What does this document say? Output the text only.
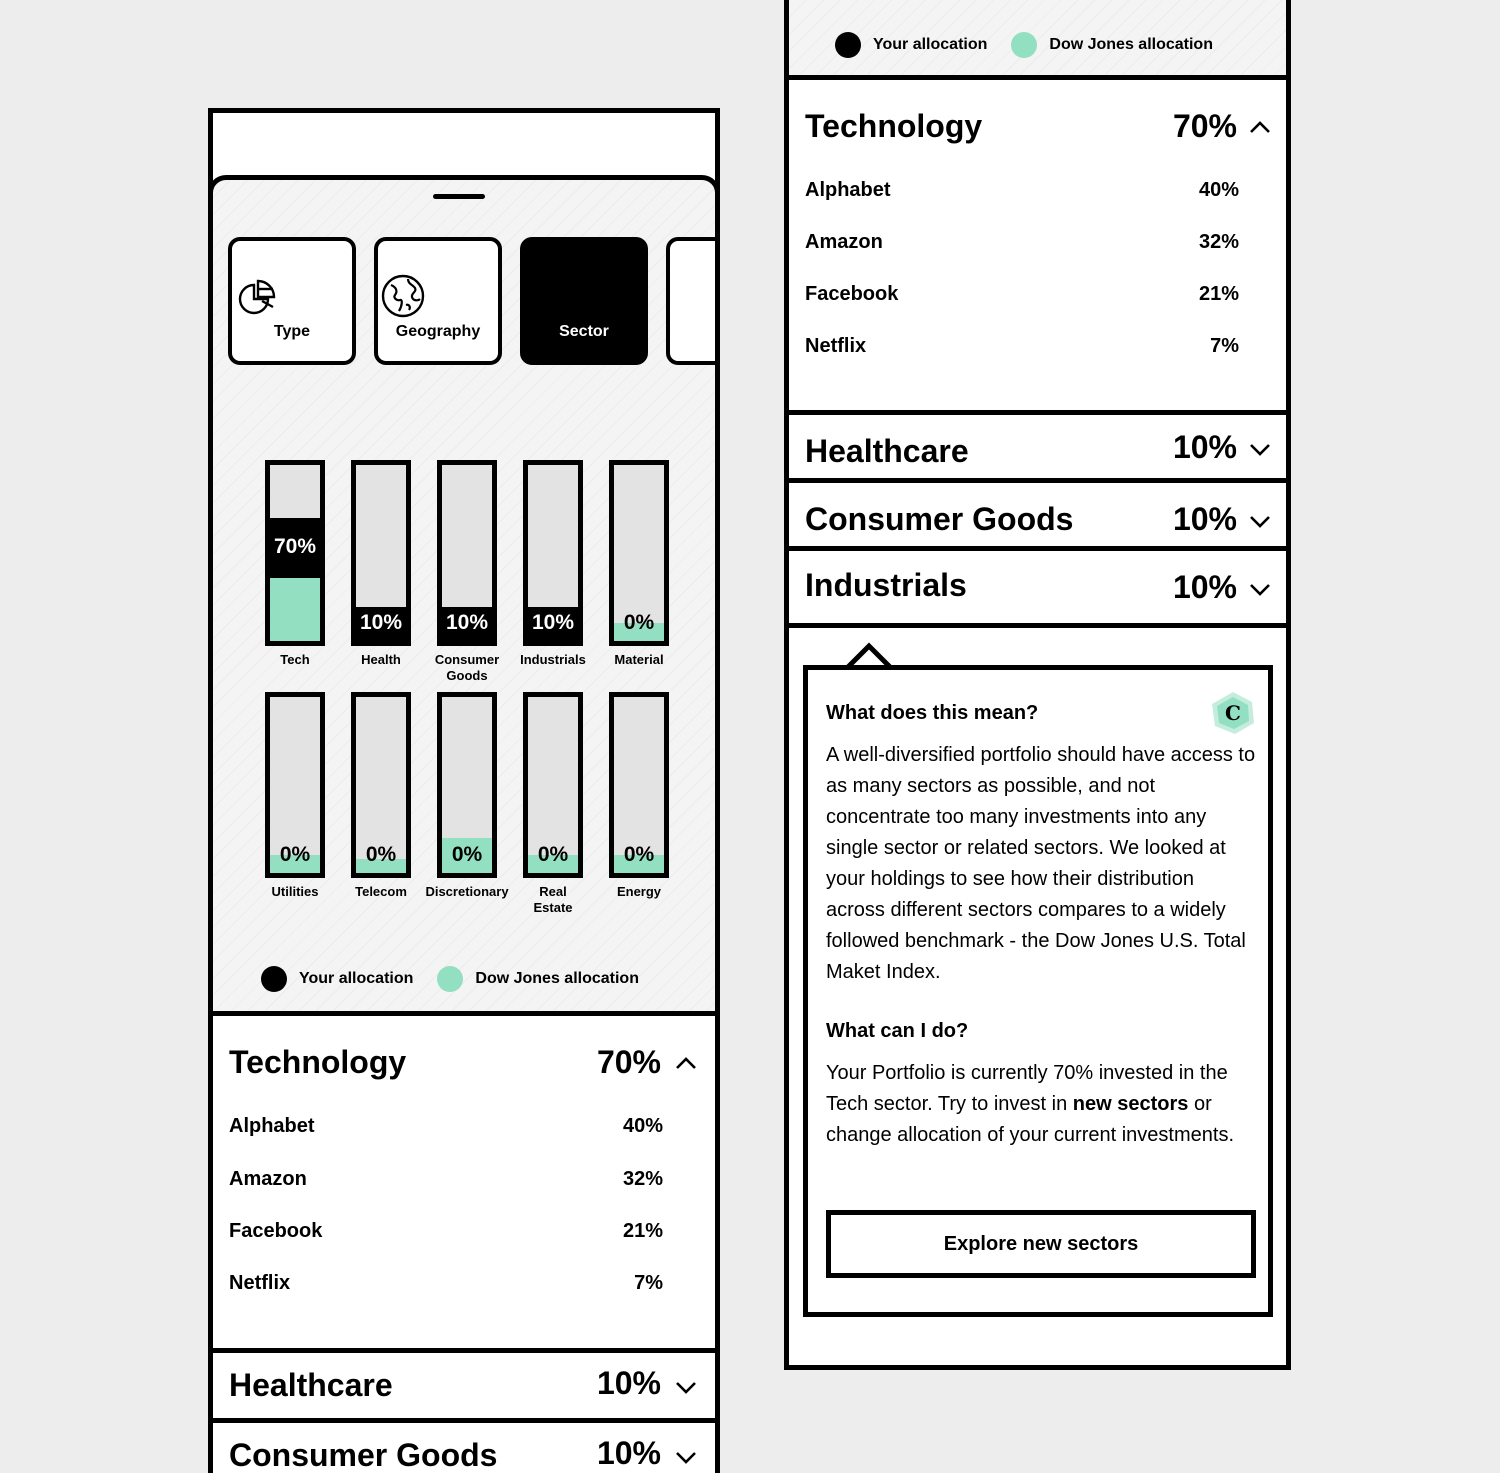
Type	Geography	Sector
70%
Tech
10%
Health
10%
Consumer Goods
10%
Industrials
0%
Material
0%
Utilities
0%
Telecom
0%
Discretionary
0%
Real Estate
0%
Energy
Your allocation	Dow Jones allocation
Technology	70%
Alphabet	40%
Amazon	32%
Facebook	21%
Netflix	7%
Healthcare	10%
Consumer Goods	10%
Your allocation	Dow Jones allocation
Technology	70%
Alphabet	40%
Amazon	32%
Facebook	21%
Netflix	7%
Healthcare	10%
Consumer Goods	10%
Industrials	10%
What does this mean?	C
A well-diversified portfolio should have access to as many sectors as possible, and not concentrate too many investments into any single sector or related sectors. We looked at your holdings to see how their distribution across different sectors compares to a widely followed benchmark - the Dow Jones U.S. Total Maket Index.
What can I do?
Your Portfolio is currently 70% invested in the Tech sector. Try to invest in new sectors or change allocation of your current investments.
Explore new sectors
